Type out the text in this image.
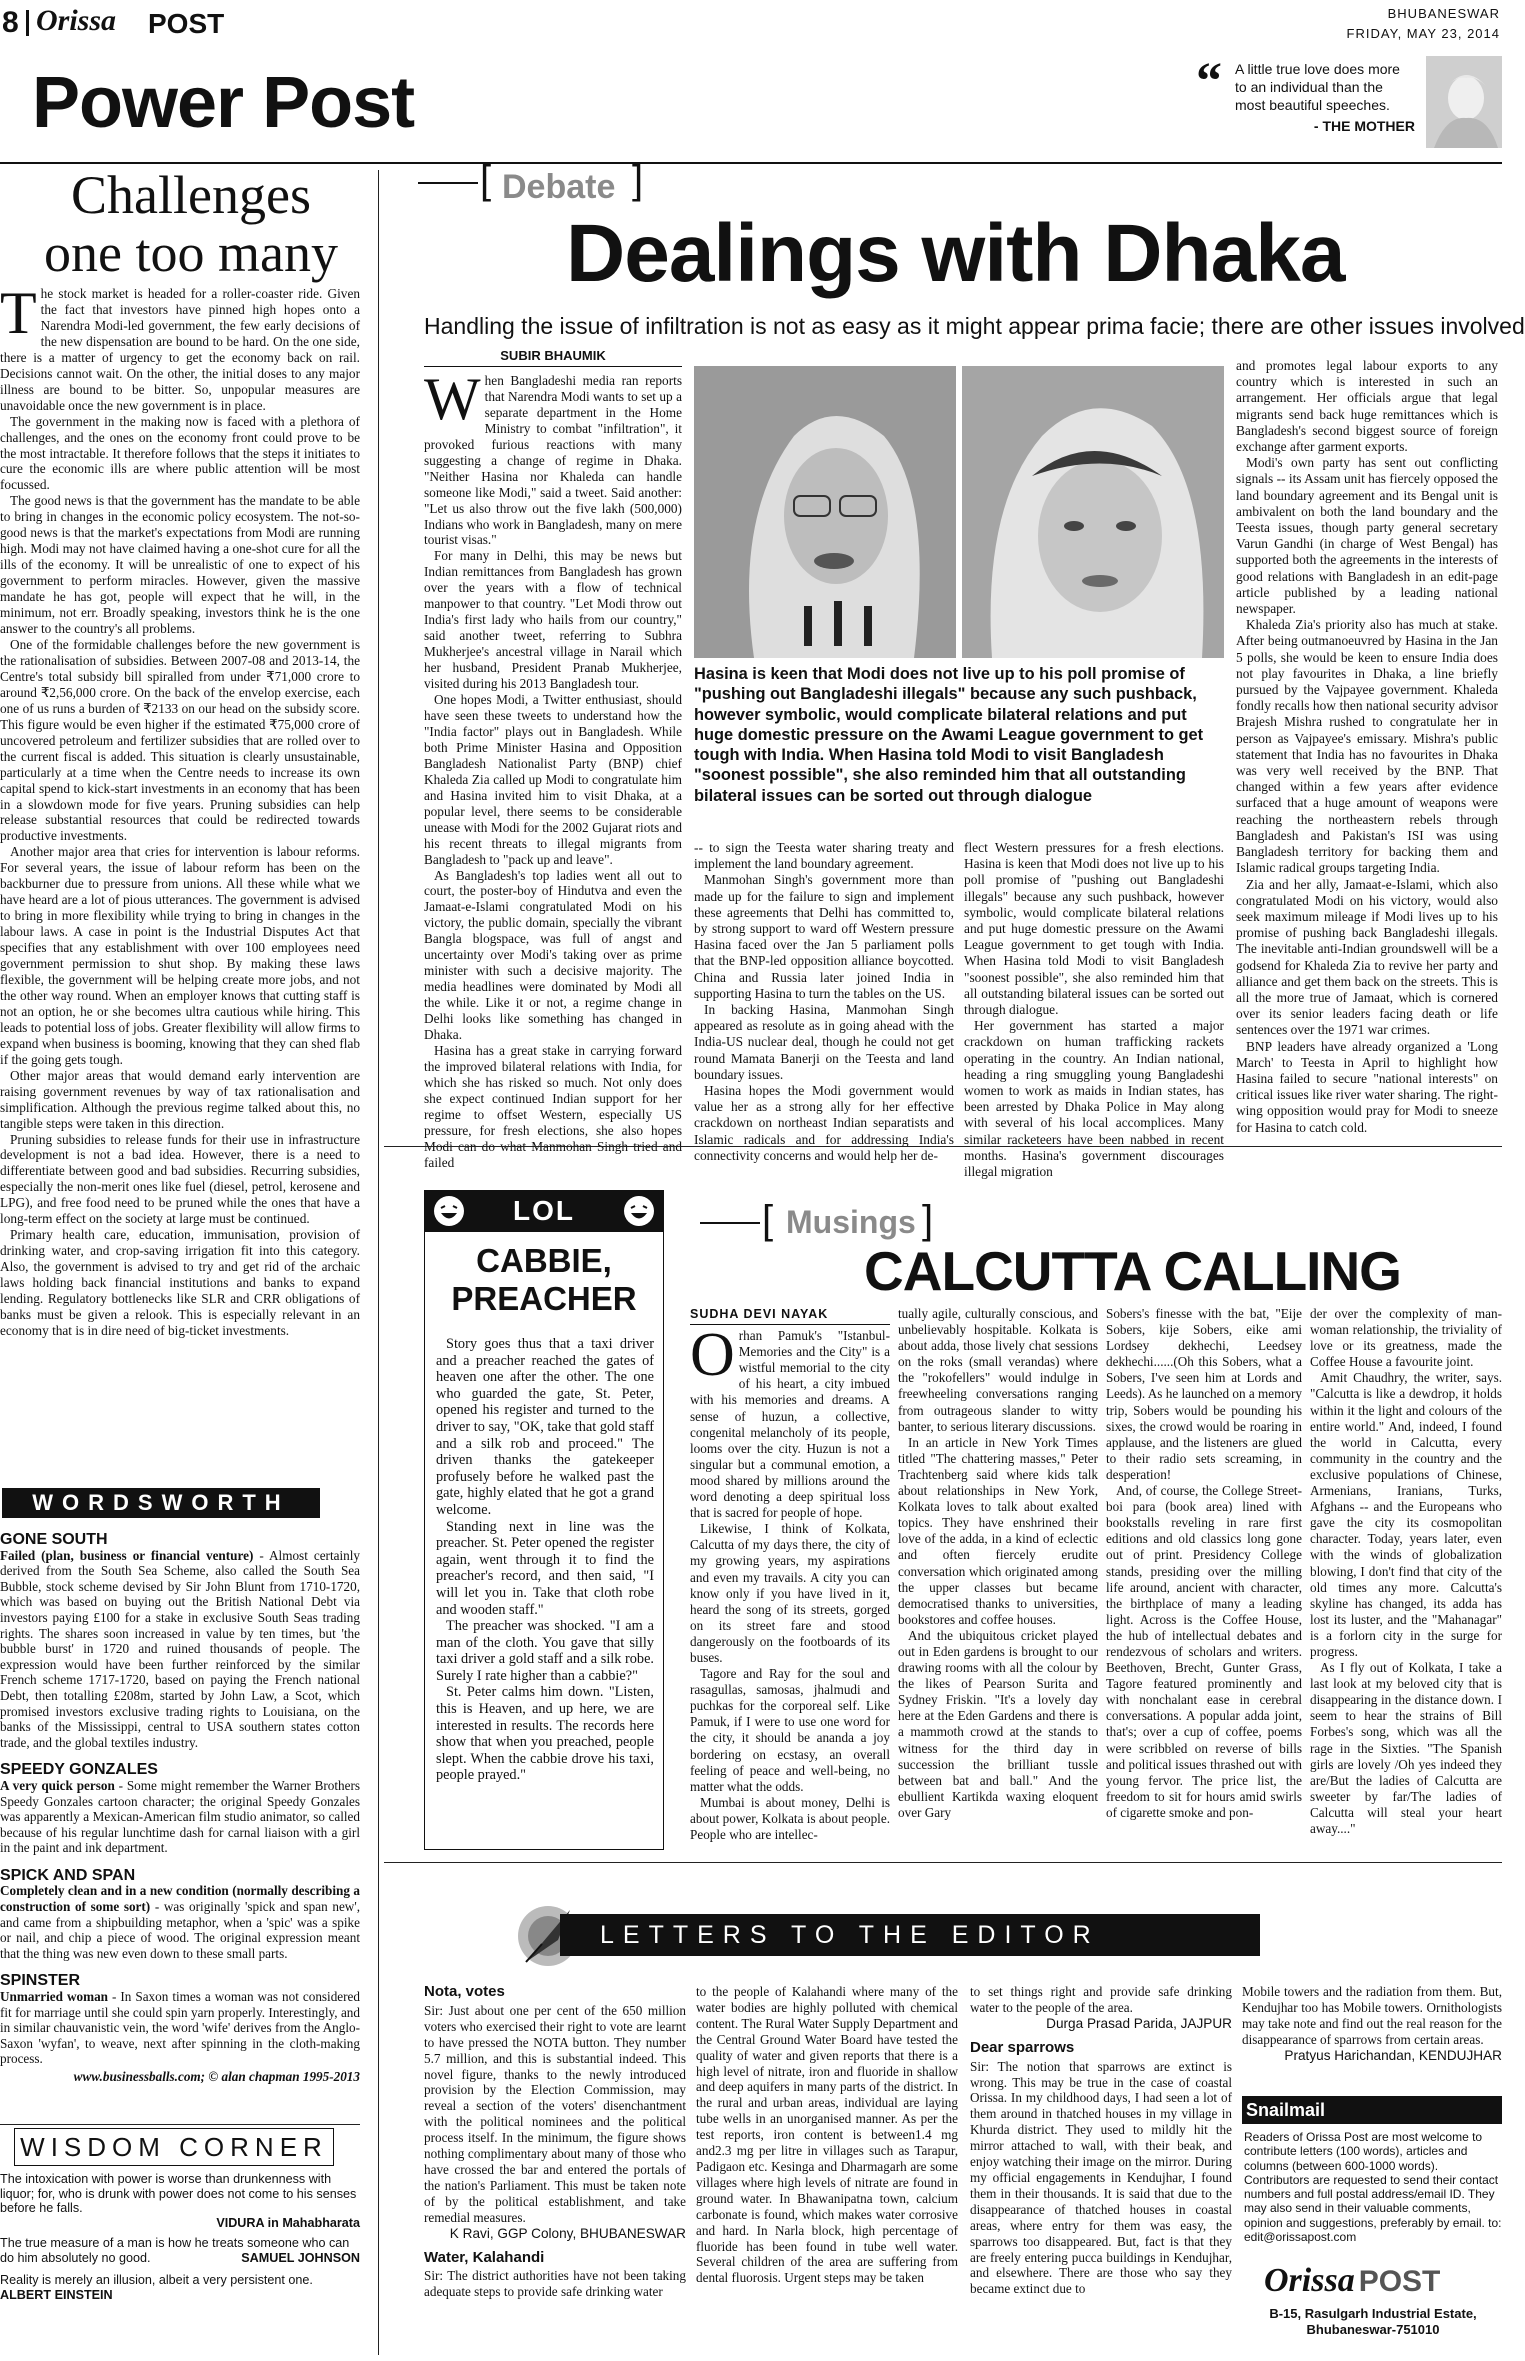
8 Orissa POST
Power Post
BHUBANESWAR
FRIDAY, MAY 23, 2014
“ A little true love does more to an individual than the most beautiful speeches.
- THE MOTHER
Challenges
one too many
T he stock market is headed for a roller-coaster ride. Given the fact that investors have pinned high hopes onto a Narendra Modi-led government, the few early decisions of the new dispensation are bound to be hard. On the one side, there is a matter of urgency to get the economy back on rail. Decisions cannot wait. On the other, the initial doses to any major illness are bound to be bitter. So, unpopular measures are unavoidable once the new government is in place.

The government in the making now is faced with a plethora of challenges, and the ones on the economy front could prove to be the most intractable. It therefore follows that the steps it initiates to cure the economic ills are where public attention will be most focussed.

The good news is that the government has the mandate to be able to bring in changes in the economic policy ecosystem. The not-so-good news is that the market's expectations from Modi are running high. Modi may not have claimed having a one-shot cure for all the ills of the economy. It will be unrealistic of one to expect of his government to perform miracles. However, given the massive mandate he has got, people will expect that he will, in the minimum, not err. Broadly speaking, investors think he is the one answer to the country's all problems.

One of the formidable challenges before the new government is the rationalisation of subsidies. Between 2007-08 and 2013-14, the Centre's total subsidy bill spiralled from under ₹71,000 crore to around ₹2,56,000 crore. On the back of the envelop exercise, each one of us runs a burden of ₹2133 on our head on the subsidy score. This figure would be even higher if the estimated ₹75,000 crore of uncovered petroleum and fertilizer subsidies that are rolled over to the current fiscal is added. This situation is clearly unsustainable, particularly at a time when the Centre needs to increase its own capital spend to kick-start investments in an economy that has been in a slowdown mode for five years. Pruning subsidies can help release substantial resources that could be redirected towards productive investments.

Another major area that cries for intervention is labour reforms. For several years, the issue of labour reform has been on the backburner due to pressure from unions. All these while what we have heard are a lot of pious utterances. The government is advised to bring in more flexibility while trying to bring in changes in the labour laws. A case in point is the Industrial Disputes Act that specifies that any establishment with over 100 employees need government permission to shut shop. By making these laws flexible, the government will be helping create more jobs, and not the other way round. When an employer knows that cutting staff is not an option, he or she becomes ultra cautious while hiring. This leads to potential loss of jobs. Greater flexibility will allow firms to expand when business is booming, knowing that they can shed flab if the going gets tough.

Other major areas that would demand early intervention are raising government revenues by way of tax rationalisation and simplification. Although the previous regime talked about this, no tangible steps were taken in this direction.

Pruning subsidies to release funds for their use in infrastructure development is not a bad idea. However, there is a need to differentiate between good and bad subsidies. Recurring subsidies, especially the non-merit ones like fuel (diesel, petrol, kerosene and LPG), and free food need to be pruned while the ones that have a long-term effect on the society at large must be continued.

Primary health care, education, immunisation, provision of drinking water, and crop-saving irrigation fit into this category. Also, the government is advised to try and get rid of the archaic laws holding back financial institutions and banks to expand lending. Regulatory bottlenecks like SLR and CRR obligations of banks must be given a relook. This is especially relevant in an economy that is in dire need of big-ticket investments.

WORDSWORTH
GONE SOUTH
Failed (plan, business or financial venture) - Almost certainly derived from the South Sea Scheme, also called the South Sea Bubble, stock scheme devised by Sir John Blunt from 1710-1720, which was based on buying out the British National Debt via investors paying £100 for a stake in exclusive South Seas trading rights. The shares soon increased in value by ten times, but 'the bubble burst' in 1720 and ruined thousands of people. The expression would have been further reinforced by the similar French scheme 1717-1720, based on paying the French national Debt, then totalling £208m, started by John Law, a Scot, which promised investors exclusive trading rights to Louisiana, on the banks of the Mississippi, central to USA southern states cotton trade, and the global textiles industry.
SPEEDY GONZALES
A very quick person - Some might remember the Warner Brothers Speedy Gonzales cartoon character; the original Speedy Gonzales was apparently a Mexican-American film studio animator, so called because of his regular lunchtime dash for carnal liaison with a girl in the paint and ink department.
SPICK AND SPAN
Completely clean and in a new condition (normally describing a construction of some sort) - was originally 'spick and span new', and came from a shipbuilding metaphor, when a 'spic' was a spike or nail, and chip a piece of wood. The original expression meant that the thing was new even down to these small parts.
SPINSTER
Unmarried woman - In Saxon times a woman was not considered fit for marriage until she could spin yarn properly. Interestingly, and in similar chauvanistic vein, the word 'wife' derives from the Anglo-Saxon 'wyfan', to weave, next after spinning in the cloth-making process.
www.businessballs.com; © alan chapman 1995-2013
WISDOM CORNER
The intoxication with power is worse than drunkenness with liquor; for, who is drunk with power does not come to his senses before he falls.
VIDURA in Mahabharata
The true measure of a man is how he treats someone who can do him absolutely no good.	SAMUEL JOHNSON
Reality is merely an illusion, albeit a very persistent one. ALBERT EINSTEIN
[ Debate ]
Dealings with Dhaka
Handling the issue of infiltration is not as easy as it might appear prima facie; there are other issues involved
SUBIR BHAUMIK
W hen Bangladeshi media ran reports that Narendra Modi wants to set up a separate department in the Home Ministry to combat "infiltration", it provoked furious reactions with many suggesting a change of regime in Dhaka. "Neither Hasina nor Khaleda can handle someone like Modi," said a tweet. Said another: "Let us also throw out the five lakh (500,000) Indians who work in Bangladesh, many on mere tourist visas."

For many in Delhi, this may be news but Indian remittances from Bangladesh has grown over the years with a flow of technical manpower to that country. "Let Modi throw out India's first lady who hails from our country," said another tweet, referring to Subhra Mukherjee's ancestral village in Narail which her husband, President Pranab Mukherjee, visited during his 2013 Bangladesh tour.

One hopes Modi, a Twitter enthusiast, should have seen these tweets to understand how the "India factor" plays out in Bangladesh. While both Prime Minister Hasina and Opposition Bangladesh Nationalist Party (BNP) chief Khaleda Zia called up Modi to congratulate him and Hasina invited him to visit Dhaka, at a popular level, there seems to be considerable unease with Modi for the 2002 Gujarat riots and his recent threats to illegal migrants from Bangladesh to "pack up and leave".

As Bangladesh's top ladies went all out to court, the poster-boy of Hindutva and even the Jamaat-e-Islami congratulated Modi on his victory, the public domain, specially the vibrant Bangla blogspace, was full of angst and uncertainty over Modi's taking over as prime minister with such a decisive majority. The media headlines were dominated by Modi all the while. Like it or not, a regime change in Delhi looks like something has changed in Dhaka.

Hasina has a great stake in carrying forward the improved bilateral relations with India, for which she has risked so much. Not only does she expect continued Indian support for her regime to offset Western, especially US pressure, for fresh elections, she also hopes Modi can do what Manmohan Singh tried and failed

Hasina is keen that Modi does not live up to his poll promise of "pushing out Bangladeshi illegals" because any such pushback, however symbolic, would complicate bilateral relations and put huge domestic pressure on the Awami League government to get tough with India. When Hasina told Modi to visit Bangladesh "soonest possible", she also reminded him that all outstanding bilateral issues can be sorted out through dialogue

-- to sign the Teesta water sharing treaty and implement the land boundary agreement.

Manmohan Singh's government more than made up for the failure to sign and implement these agreements that Delhi has committed to, by strong support to ward off Western pressure Hasina faced over the Jan 5 parliament polls that the BNP-led opposition alliance boycotted. China and Russia later joined India in supporting Hasina to turn the tables on the US.

In backing Hasina, Manmohan Singh appeared as resolute as in going ahead with the India-US nuclear deal, though he could not get round Mamata Banerji on the Teesta and land boundary issues.

Hasina hopes the Modi government would value her as a strong ally for her effective crackdown on northeast Indian separatists and Islamic radicals and for addressing India's connectivity concerns and would help her de-

flect Western pressures for a fresh elections. Hasina is keen that Modi does not live up to his poll promise of "pushing out Bangladeshi illegals" because any such pushback, however symbolic, would complicate bilateral relations and put huge domestic pressure on the Awami League government to get tough with India. When Hasina told Modi to visit Bangladesh "soonest possible", she also reminded him that all outstanding bilateral issues can be sorted out through dialogue.

Her government has started a major crackdown on human trafficking rackets operating in the country. An Indian national, heading a ring smuggling young Bangladeshi women to work as maids in Indian states, has been arrested by Dhaka Police in May along with several of his local accomplices. Many similar racketeers have been nabbed in recent months. Hasina's government discourages illegal migration

and promotes legal labour exports to any country which is interested in such an arrangement. Her officials argue that legal migrants send back huge remittances which is Bangladesh's second biggest source of foreign exchange after garment exports.

Modi's own party has sent out conflicting signals -- its Assam unit has fiercely opposed the land boundary agreement and its Bengal unit is ambivalent on both the land boundary and the Teesta issues, though party general secretary Varun Gandhi (in charge of West Bengal) has supported both the agreements in the interests of good relations with Bangladesh in an edit-page article published by a leading national newspaper.

Khaleda Zia's priority also has much at stake. After being outmanoeuvred by Hasina in the Jan 5 polls, she would be keen to ensure India does not play favourites in Dhaka, a line briefly pursued by the Vajpayee government. Khaleda fondly recalls how then national security advisor Brajesh Mishra rushed to congratulate her in person as Vajpayee's emissary. Mishra's public statement that India has no favourites in Dhaka was very well received by the BNP. That changed within a few years after evidence surfaced that a huge amount of weapons were reaching the northeastern rebels through Bangladesh and Pakistan's ISI was using Bangladesh territory for backing them and Islamic radical groups targeting India.

Zia and her ally, Jamaat-e-Islami, which also congratulated Modi on his victory, would also seek maximum mileage if Modi lives up to his promise of pushing back Bangladeshi illegals. The inevitable anti-Indian groundswell will be a godsend for Khaleda Zia to revive her party and alliance and get them back on the streets. This is all the more true of Jamaat, which is cornered over its senior leaders facing death or life sentences over the 1971 war crimes.

BNP leaders have already organized a 'Long March' to Teesta in April to highlight how Hasina failed to secure "national interests" on critical issues like river water sharing. The right-wing opposition would pray for Modi to sneeze for Hasina to catch cold.

LOL
CABBIE,
PREACHER

Story goes thus that a taxi driver and a preacher reached the gates of heaven one after the other. The one who guarded the gate, St. Peter, opened his register and turned to the driver to say, "OK, take that gold staff and a silk rob and proceed." The driven thanks the gatekeeper profusely before he walked past the gate, highly elated that he got a grand welcome.

Standing next in line was the preacher. St. Peter opened the register again, went through it to find the preacher's record, and then said, "I will let you in. Take that cloth robe and wooden staff."

The preacher was shocked. "I am a man of the cloth. You gave that silly taxi driver a gold staff and a silk robe. Surely I rate higher than a cabbie?"

St. Peter calms him down. "Listen, this is Heaven, and up here, we are interested in results. The records here show that when you preached, people slept. When the cabbie drove his taxi, people prayed."

[ Musings ]
CALCUTTA CALLING
SUDHA DEVI NAYAK
O rhan Pamuk's "Istanbul-Memories and the City" is a wistful memorial to the city of his heart, a city imbued with his memories and dreams. A sense of huzun, a collective, congenital melancholy of its people, looms over the city. Huzun is not a singular but a communal emotion, a mood shared by millions around the word denoting a deep spiritual loss that is sacred for people of hope.

Likewise, I think of Kolkata, Calcutta of my days there, the city of my growing years, my aspirations and even my travails. A city you can know only if you have lived in it, heard the song of its streets, gorged on its street fare and stood dangerously on the footboards of its buses.

Tagore and Ray for the soul and rasagullas, samosas, jhalmudi and puchkas for the corporeal self. Like Pamuk, if I were to use one word for the city, it should be ananda a joy bordering on ecstasy, an overall feeling of peace and well-being, no matter what the odds.

Mumbai is about money, Delhi is about power, Kolkata is about people. People who are intellec-

tually agile, culturally conscious, and unbelievably hospitable. Kolkata is about adda, those lively chat sessions on the roks (small verandas) where the "rokofellers" would indulge in freewheeling conversations ranging from outrageous slander to witty banter, to serious literary discussions.

In an article in New York Times titled "The chattering masses," Peter Trachtenberg said where kids talk about relationships in New York, Kolkata loves to talk about exalted topics. They have enshrined their love of the adda, in a kind of eclectic and often fiercely erudite conversation which originated among the upper classes but became democratised thanks to universities, bookstores and coffee houses.

And the ubiquitous cricket played out in Eden gardens is brought to our drawing rooms with all the colour by the likes of Pearson Surita and Sydney Friskin. "It's a lovely day here at the Eden Gardens and there is a mammoth crowd at the stands to witness for the third day in succession the brilliant tussle between bat and ball." And the ebullient Kartikda waxing eloquent over Gary

Sobers's finesse with the bat, "Eije Sobers, kije Sobers, eike ami Lordsey dekhechi, Leedsey dekhechi......(Oh this Sobers, what a Sobers, I've seen him at Lords and Leeds). As he launched on a memory trip, Sobers would be pounding his sixes, the crowd would be roaring in applause, and the listeners are glued to their radio sets screaming, in desperation!

And, of course, the College Street-boi para (book area) lined with bookstalls reveling in rare first editions and old classics long gone out of print. Presidency College stands, presiding over the milling life around, ancient with character, the birthplace of many a leading light. Across is the Coffee House, the hub of intellectual debates and rendezvous of scholars and writers. Beethoven, Brecht, Gunter Grass, Tagore featured prominently and with nonchalant ease in cerebral conversations. A popular adda joint, that's; over a cup of coffee, poems were scribbled on reverse of bills and political issues thrashed out with young fervor. The price list, the freedom to sit for hours amid swirls of cigarette smoke and pon-

der over the complexity of man-woman relationship, the triviality of love or its greatness, made the Coffee House a favourite joint.

Amit Chaudhry, the writer, says. "Calcutta is like a dewdrop, it holds within it the light and colours of the entire world." And, indeed, I found the world in Calcutta, every community in the country and the exclusive populations of Chinese, Armenians, Iranians, Turks, Afghans -- and the Europeans who gave the city its cosmopolitan character. Today, years later, even with the winds of globalization blowing, I don't find that city of the old times any more. Calcutta's skyline has changed, its adda has lost its luster, and the "Mahanagar" is a forlorn city in the surge for progress.

As I fly out of Kolkata, I take a last look at my beloved city that is disappearing in the distance down. I seem to hear the strains of Bill Forbes's song, which was all the rage in the Sixties. "The Spanish girls are lovely /Oh yes indeed they are/But the ladies of Calcutta are sweeter by far/The ladies of Calcutta will steal your heart away...."

LETTERS TO THE EDITOR
Nota, votes
Sir: Just about one per cent of the 650 million voters who exercised their right to vote are learnt to have pressed the NOTA button. They number 5.7 million, and this is substantial indeed. This novel figure, thanks to the newly introduced provision by the Election Commission, may reveal a section of the voters' disenchantment with the political nominees and the political process itself. In the minimum, the figure shows nothing complimentary about many of those who have crossed the bar and entered the portals of the nation's Parliament. This must be taken note of by the political establishment, and take remedial measures.
K Ravi, GGP Colony, BHUBANESWAR
Water, Kalahandi
Sir: The district authorities have not been taking adequate steps to provide safe drinking water
to the people of Kalahandi where many of the water bodies are highly polluted with chemical content. The Rural Water Supply Department and the Central Ground Water Board have tested the quality of water and given reports that there is a high level of nitrate, iron and fluoride in shallow and deep aquifers in many parts of the district. In the rural and urban areas, individual are laying tube wells in an unorganised manner. As per the test reports, iron content is between1.4 mg and2.3 mg per litre in villages such as Tarapur, Padigaon etc. Kesinga and Dharmagarh are some villages where high levels of nitrate are found in ground water. In Bhawanipatna town, calcium carbonate is found, which makes water corrosive and hard. In Narla block, high percentage of fluoride has been found in tube well water. Several children of the area are suffering from dental fluorosis. Urgent steps may be taken
to set things right and provide safe drinking water to the people of the area.
Durga Prasad Parida, JAJPUR
Dear sparrows
Sir: The notion that sparrows are extinct is wrong. This may be true in the case of coastal Orissa. In my childhood days, I had seen a lot of them around in thatched houses in my village in Khurda district. They used to mildly hit the mirror attached to wall, with their beak, and enjoy watching their image on the mirror. During my official engagements in Kendujhar, I found them in their thousands. It is said that due to the disappearance of thatched houses in coastal areas, where entry for them was easy, the sparrows too disappeared. But, fact is that they are freely entering pucca buildings in Kendujhar, and elsewhere. There are those who say they became extinct due to
Mobile towers and the radiation from them. But, Kendujhar too has Mobile towers. Ornithologists may take note and find out the real reason for the disappearance of sparrows from certain areas.
Pratyus Harichandan, KENDUJHAR
Snailmail
Readers of Orissa Post are most welcome to contribute letters (100 words), articles and columns (between 600-1000 words). Contributors are requested to send their contact numbers and full postal address/email ID. They may also send in their valuable comments, opinion and suggestions, preferably by email. to: edit@orissapost.com
Orissa POST
B-15, Rasulgarh Industrial Estate,
Bhubaneswar-751010
